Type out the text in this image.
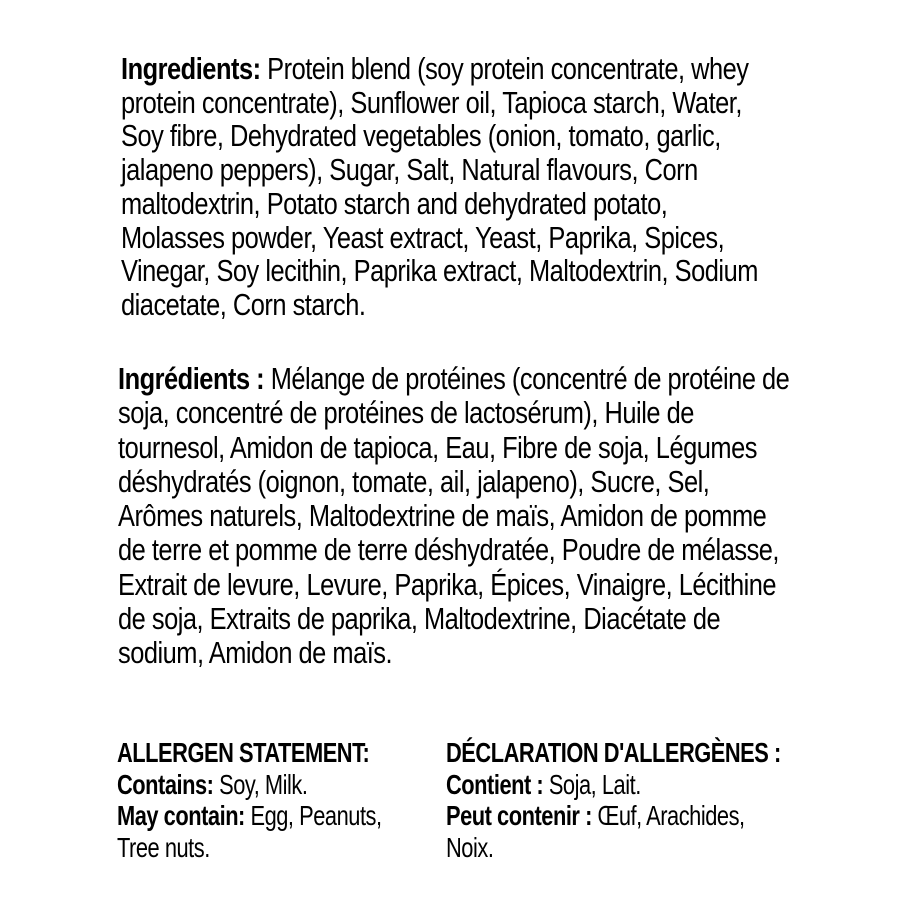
Ingredients: Protein blend (soy protein concentrate, whey protein concentrate), Sunflower oil, Tapioca starch, Water, Soy fibre, Dehydrated vegetables (onion, tomato, garlic, jalapeno peppers), Sugar, Salt, Natural flavours, Corn maltodextrin, Potato starch and dehydrated potato, Molasses powder, Yeast extract, Yeast, Paprika, Spices, Vinegar, Soy lecithin, Paprika extract, Maltodextrin, Sodium diacetate, Corn starch.
Ingrédients : Mélange de protéines (concentré de protéine de soja, concentré de protéines de lactosérum), Huile de tournesol, Amidon de tapioca, Eau, Fibre de soja, Légumes déshydratés (oignon, tomate, ail, jalapeno), Sucre, Sel, Arômes naturels, Maltodextrine de maïs, Amidon de pomme de terre et pomme de terre déshydratée, Poudre de mélasse, Extrait de levure, Levure, Paprika, Épices, Vinaigre, Lécithine de soja, Extraits de paprika, Maltodextrine, Diacétate de sodium, Amidon de maïs.
ALLERGEN STATEMENT:
Contains: Soy, Milk.
May contain: Egg, Peanuts,
Tree nuts.
DÉCLARATION D'ALLERGÈNES :
Contient : Soja, Lait.
Peut contenir : Œuf, Arachides,
Noix.
